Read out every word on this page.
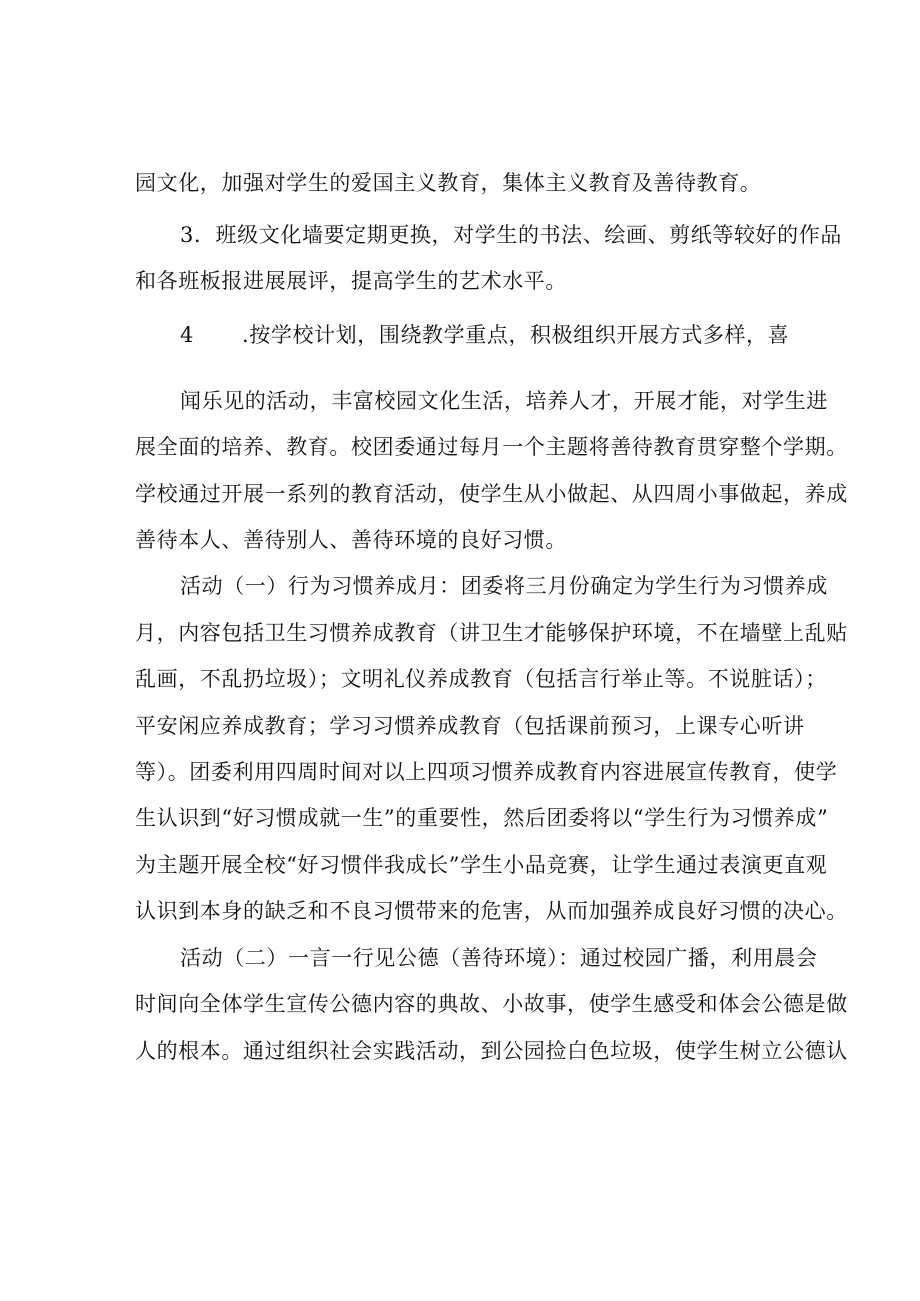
园文化，加强对学生的爱国主义教育，集体主义教育及善待教育。
3．班级文化墙要定期更换，对学生的书法、绘画、剪纸等较好的作品
和各班板报进展展评，提高学生的艺术水平。
4 .按学校计划，围绕教学重点，积极组织开展方式多样，喜
闻乐见的活动，丰富校园文化生活，培养人才，开展才能，对学生进
展全面的培养、教育。校团委通过每月一个主题将善待教育贯穿整个学期。
学校通过开展一系列的教育活动，使学生从小做起、从四周小事做起，养成
善待本人、善待别人、善待环境的良好习惯。
活动（一）行为习惯养成月：团委将三月份确定为学生行为习惯养成
月，内容包括卫生习惯养成教育（讲卫生才能够保护环境，不在墙壁上乱贴
乱画，不乱扔垃圾）；文明礼仪养成教育（包括言行举止等。不说脏话）；
平安闲应养成教育；学习习惯养成教育（包括课前预习，上课专心听讲
等）。团委利用四周时间对以上四项习惯养成教育内容进展宣传教育，使学
生认识到“好习惯成就一生”的重要性，然后团委将以“学生行为习惯养成”
为主题开展全校“好习惯伴我成长”学生小品竞赛，让学生通过表演更直观
认识到本身的缺乏和不良习惯带来的危害，从而加强养成良好习惯的决心。
活动（二）一言一行见公德（善待环境）：通过校园广播，利用晨会
时间向全体学生宣传公德内容的典故、小故事，使学生感受和体会公德是做
人的根本。通过组织社会实践活动，到公园捡白色垃圾，使学生树立公德认
